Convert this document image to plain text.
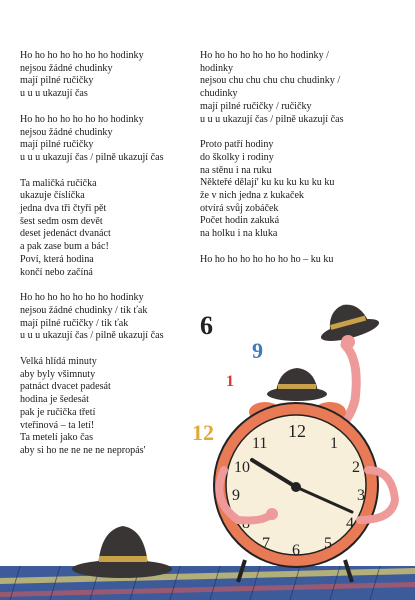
Ho ho ho ho ho ho ho hodinky
nejsou žádné chudinky
mají pilné ručičky
u u u ukazují čas
Ho ho ho ho ho ho ho hodinky
nejsou žádné chudinky
mají pilné ručičky
u u u ukazují čas / pilně ukazují čas
Ta maličká ručička
ukazuje číslíčka
jedna dva tři čtyři pět
šest sedm osm devět
deset jedenáct dvanáct
a pak zase bum a bác!
Poví, která hodina
končí nebo začíná
Ho ho ho ho ho ho ho hodinky
nejsou žádné chudinky / tik ťak
mají pilné ručičky / tik ťak
u u u ukazují čas / pilně ukazují čas
Velká hlídá minuty
aby byly všimnuty
patnáct dvacet padesát
hodina je šedesát
pak je ručička třetí
vteřinová – ta letí!
Ta metelí jako čas
aby si ho ne ne ne ne nepropás'
Ho ho ho ho ho ho ho hodinky /
hodinky
nejsou chu chu chu chu chudinky /
chudinky
mají pilné ručičky / ručičky
u u u ukazují čas / pilně ukazují čas
Proto patří hodiny
do školky i rodiny
na stěnu i na ruku
Někteřé dělají' ku ku ku ku ku ku
že v nich jedna z kukaček
otvírá svůj zobáček
Počet hodin zakuká
na holku i na kluka
Ho ho ho ho ho ho ho ho – ku ku
6
9
1
12	12
1
2
3
4
5
6
7
8
9
10
11
